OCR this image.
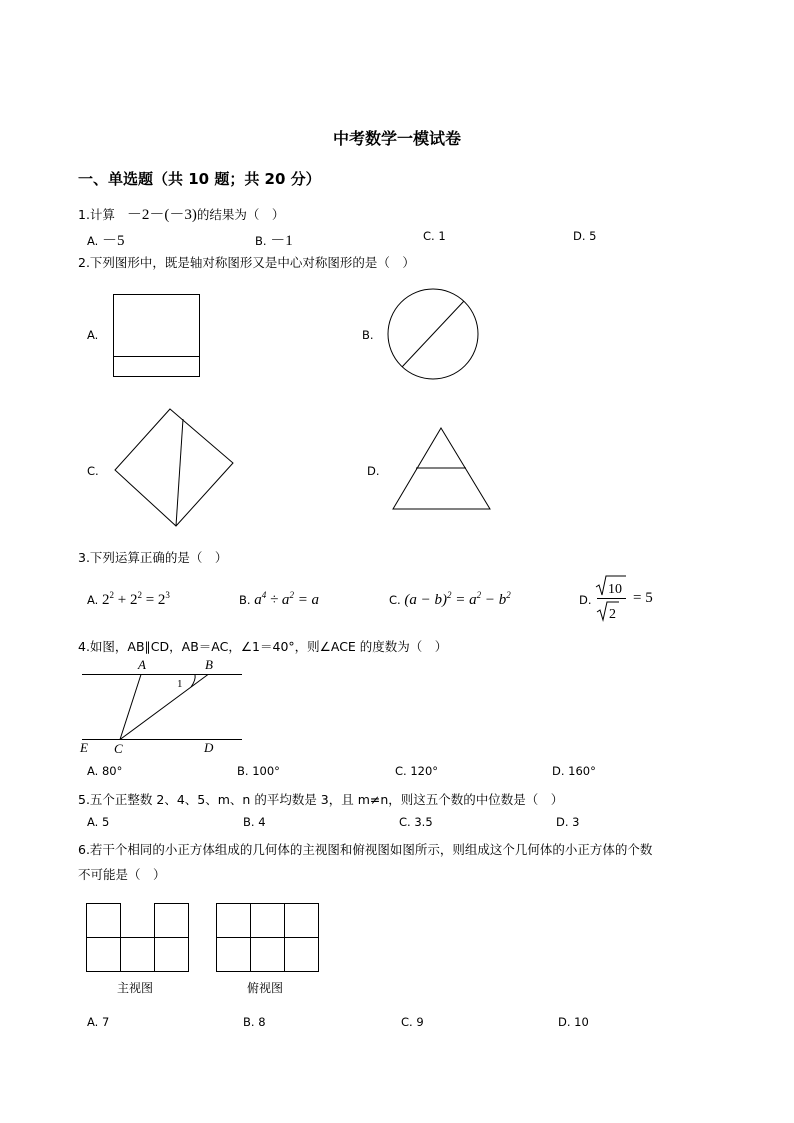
中考数学一模试卷
一、单选题（共 10 题；共 20 分）
1.计算 －2－(－3)的结果为（　）
A. －5	B. －1	C. 1	D. 5
2.下列图形中，既是轴对称图形又是中心对称图形的是（　）
A.	B.
C.	D.
3.下列运算正确的是（　）
A. $2^2 + 2^2 = 2^3$	B. $a^4 \div a^2 = a$	C. $(a - b)^2 = a^2 - b^2$	D.
10
2
= 5
4.如图，AB∥CD，AB＝AC，∠1＝40°，则∠ACE 的度数为（　）
A	B
1
E C	D
A. 80°	B. 100°	C. 120°	D. 160°
5.五个正整数 2、4、5、m、n 的平均数是 3，且 m≠n，则这五个数的中位数是（　）
A. 5	B. 4	C. 3.5	D. 3
6.若干个相同的小正方体组成的几何体的主视图和俯视图如图所示，则组成这个几何体的小正方体的个数
不可能是（　）
主视图	俯视图
A. 7	B. 8	C. 9	D. 10
